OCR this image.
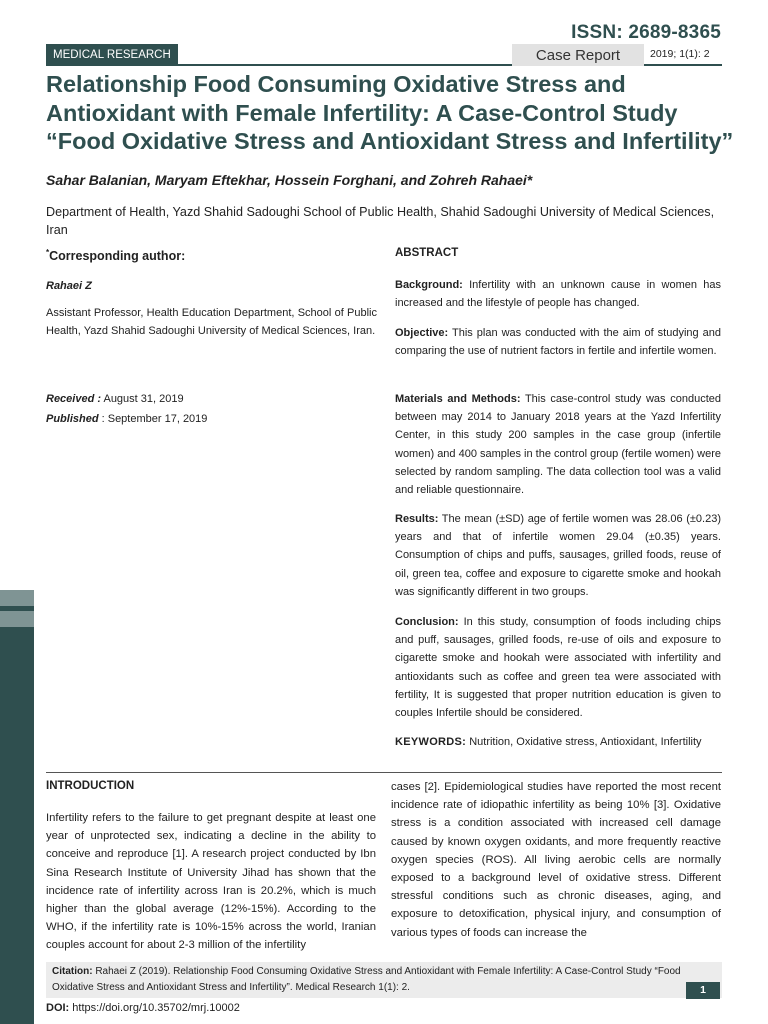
ISSN: 2689-8365
MEDICAL RESEARCH	Case Report	2019; 1(1): 2
Relationship Food Consuming Oxidative Stress and
Antioxidant with Female Infertility: A Case-Control Study
“Food Oxidative Stress and Antioxidant Stress and Infertility”
Sahar Balanian, Maryam Eftekhar, Hossein Forghani, and Zohreh Rahaei*
Department of Health, Yazd Shahid Sadoughi School of Public Health, Shahid Sadoughi University of Medical Sciences, Iran
*Corresponding author:
Rahaei Z
Assistant Professor, Health Education Department, School of Public Health, Yazd Shahid Sadoughi University of Medical Sciences, Iran.
Received : August 31, 2019
Published : September 17, 2019
ABSTRACT
Background: Infertility with an unknown cause in women has increased and the lifestyle of people has changed.
Objective: This plan was conducted with the aim of studying and comparing the use of nutrient factors in fertile and infertile women.
Materials and Methods: This case-control study was conducted between may 2014 to January 2018 years at the Yazd Infertility Center, in this study 200 samples in the case group (infertile women) and 400 samples in the control group (fertile women) were selected by random sampling. The data collection tool was a valid and reliable questionnaire.
Results: The mean (±SD) age of fertile women was 28.06 (±0.23) years and that of infertile women 29.04 (±0.35) years. Consumption of chips and puffs, sausages, grilled foods, reuse of oil, green tea, coffee and exposure to cigarette smoke and hookah was significantly different in two groups.
Conclusion: In this study, consumption of foods including chips and puff, sausages, grilled foods, re-use of oils and exposure to cigarette smoke and hookah were associated with infertility and antioxidants such as coffee and green tea were associated with fertility, It is suggested that proper nutrition education is given to couples Infertile should be considered.
KEYWORDS: Nutrition, Oxidative stress, Antioxidant, Infertility
INTRODUCTION
Infertility refers to the failure to get pregnant despite at least one year of unprotected sex, indicating a decline in the ability to conceive and reproduce [1]. A research project conducted by Ibn Sina Research Institute of University Jihad has shown that the incidence rate of infertility across Iran is 20.2%, which is much higher than the global average (12%-15%). According to the WHO, if the infertility rate is 10%-15% across the world, Iranian couples account for about 2-3 million of the infertility
cases [2]. Epidemiological studies have reported the most recent incidence rate of idiopathic infertility as being 10% [3]. Oxidative stress is a condition associated with increased cell damage caused by known oxygen oxidants, and more frequently reactive oxygen species (ROS). All living aerobic cells are normally exposed to a background level of oxidative stress. Different stressful conditions such as chronic diseases, aging, and exposure to detoxification, physical injury, and consumption of various types of foods can increase the
Citation: Rahaei Z (2019). Relationship Food Consuming Oxidative Stress and Antioxidant with Female Infertility: A Case-Control Study “Food Oxidative Stress and Antioxidant Stress and Infertility”. Medical Research 1(1): 2.	1
DOI: https://doi.org/10.35702/mrj.10002
